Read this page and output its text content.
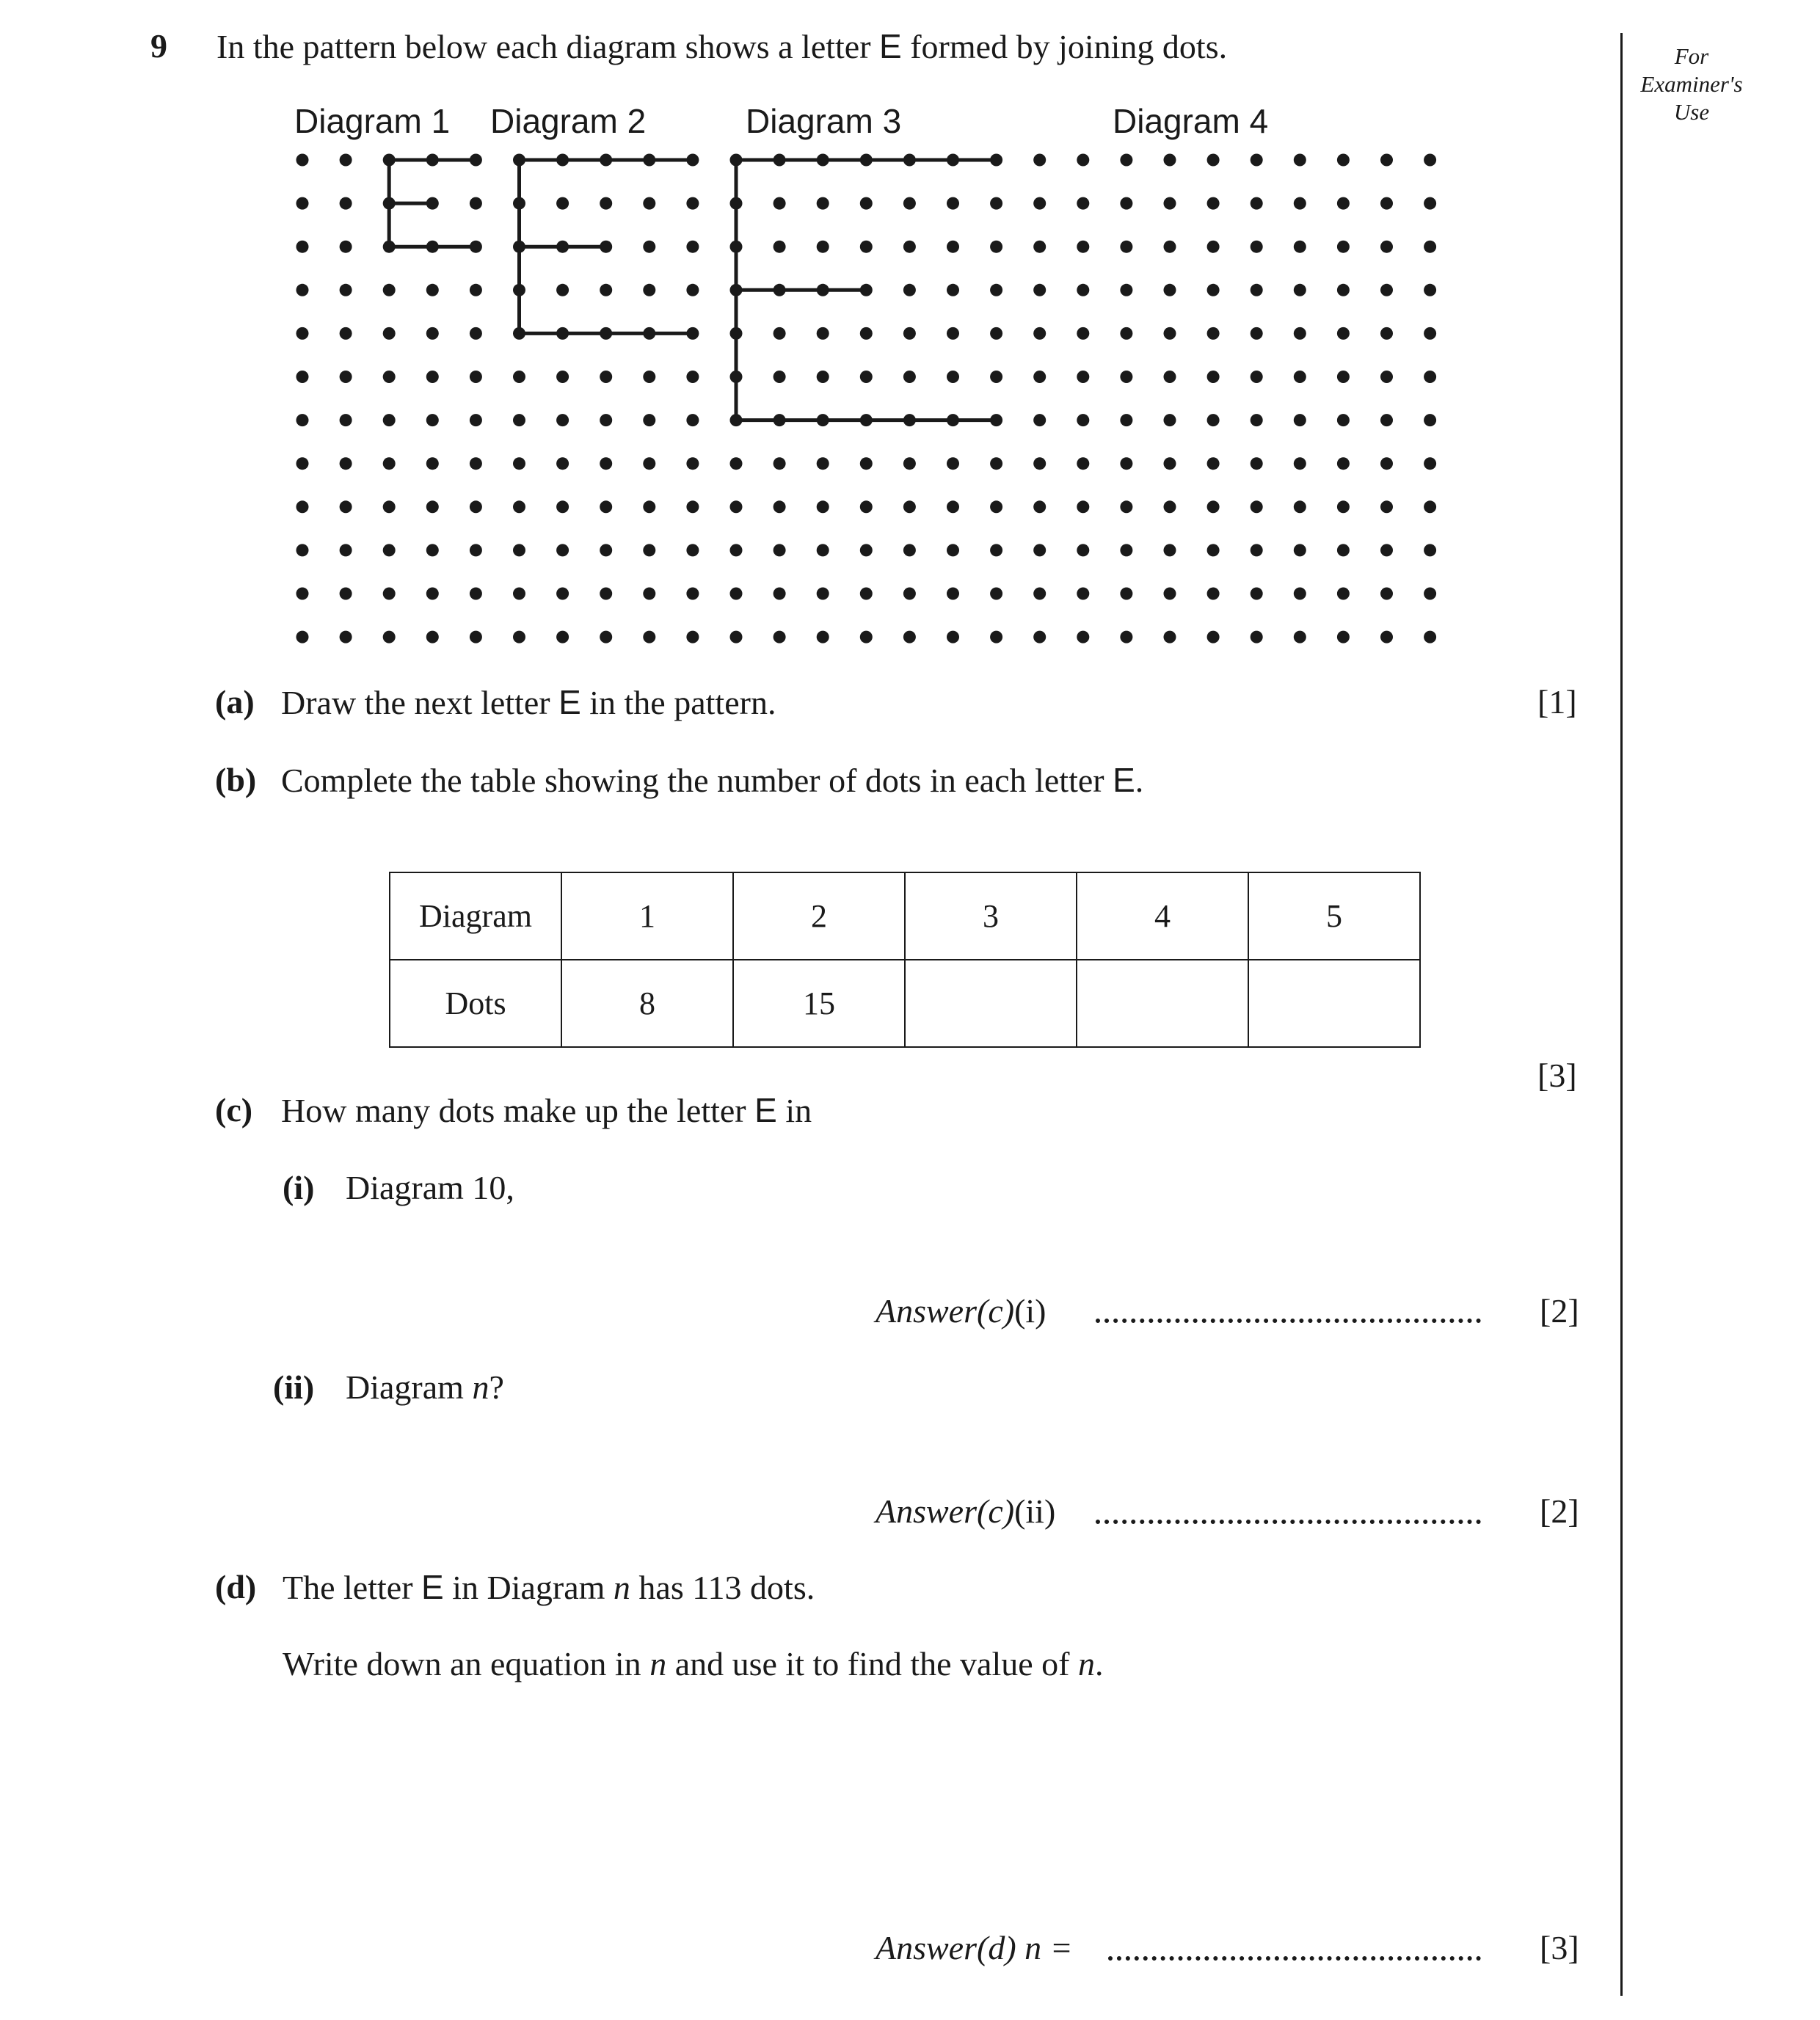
9 In the pattern below each diagram shows a letter E formed by joining dots.	For
Examiner's
Use
Diagram 1 Diagram 2	Diagram 3	Diagram 4
(a) Draw the next letter E in the pattern.	[1]
(b) Complete the table showing the number of dots in each letter E.
Diagram	1	2	3	4	5
Dots	8	15			
[3]
(c) How many dots make up the letter E in
(i) Diagram 10,
Answer(c)(i)	[2]
(ii) Diagram n?
Answer(c)(ii)	[2]
(d) The letter E in Diagram n has 113 dots.
Write down an equation in n and use it to find the value of n.
Answer(d) n =	[3]
